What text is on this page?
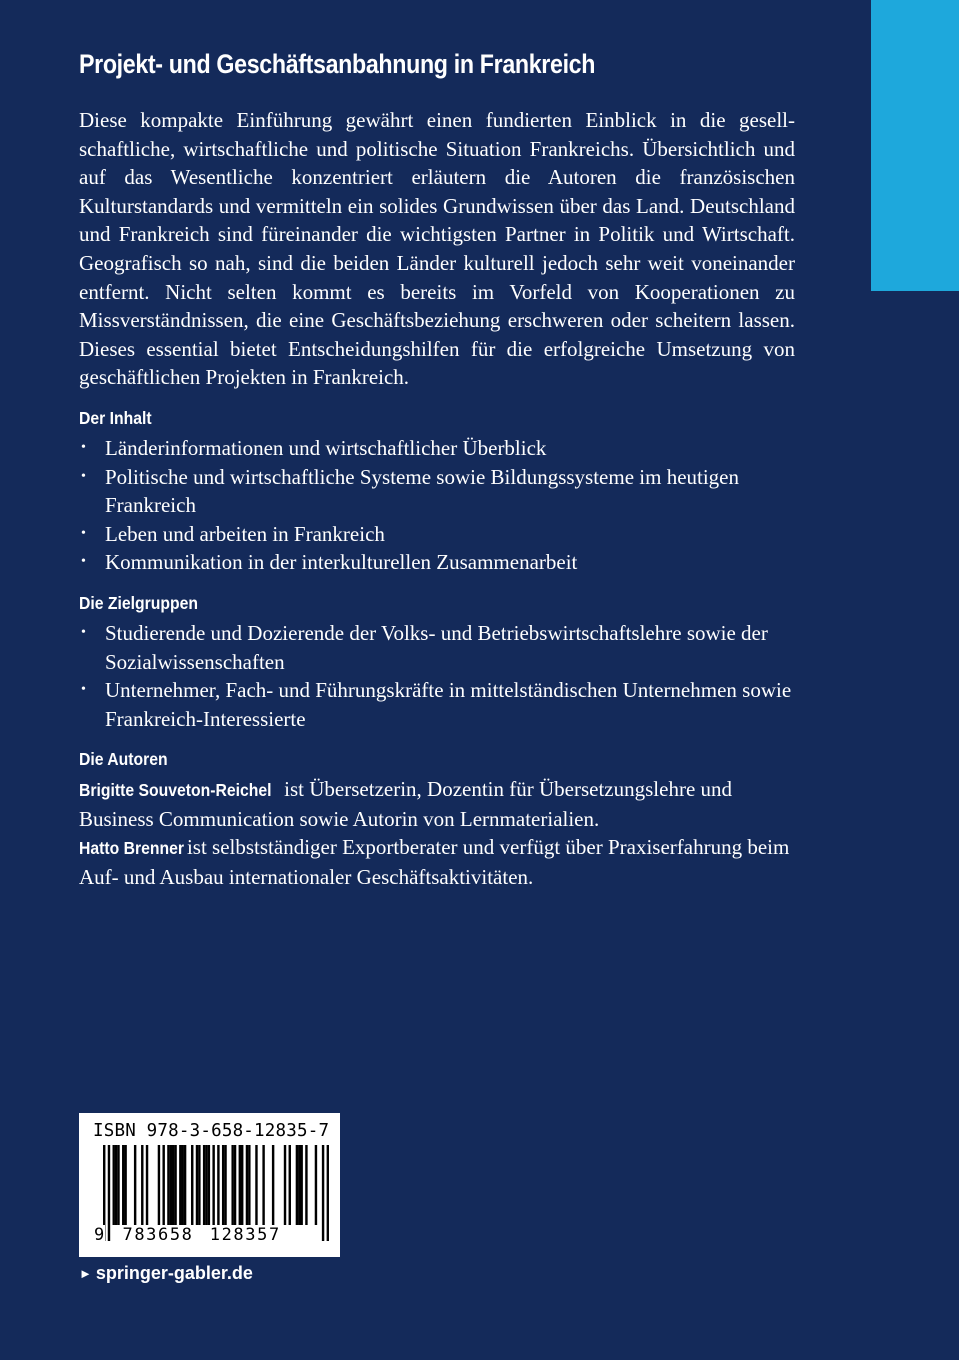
Projekt- und Geschäftsanbahnung in Frankreich

Diese kompakte Einführung gewährt einen fundierten Einblick in die gesellschaftliche, wirtschaftliche und politische Situation Frankreichs. Übersichtlich und auf das Wesentliche konzentriert erläutern die Autoren die französischen Kulturstandards und vermitteln ein solides Grundwissen über das Land. Deutschland und Frankreich sind füreinander die wichtigsten Partner in Politik und Wirtschaft. Geografisch so nah, sind die beiden Länder kulturell jedoch sehr weit voneinander entfernt. Nicht selten kommt es bereits im Vorfeld von Kooperationen zu Missverständnissen, die eine Geschäftsbeziehung erschweren oder scheitern lassen. Dieses essential bietet Entscheidungshilfen für die erfolgreiche Umsetzung von geschäftlichen Projekten in Frankreich.

Der Inhalt
• Länderinformationen und wirtschaftlicher Überblick
• Politische und wirtschaftliche Systeme sowie Bildungssysteme im heutigen Frankreich
• Leben und arbeiten in Frankreich
• Kommunikation in der interkulturellen Zusammenarbeit
Die Zielgruppen
• Studierende und Dozierende der Volks- und Betriebswirtschaftslehre sowie der Sozialwissenschaften
• Unternehmer, Fach- und Führungskräfte in mittelständischen Unternehmen sowie Frankreich-Interessierte
Die Autoren

Brigitte Souveton-Reichel ist Übersetzerin, Dozentin für Übersetzungslehre und Business Communication sowie Autorin von Lernmaterialien.

Hatto Brenner ist selbstständiger Exportberater und verfügt über Praxiserfahrung beim Auf- und Ausbau internationaler Geschäftsaktivitäten.

ISBN 978-3-658-12835-7
9 783658 128357
► springer-gabler.de
